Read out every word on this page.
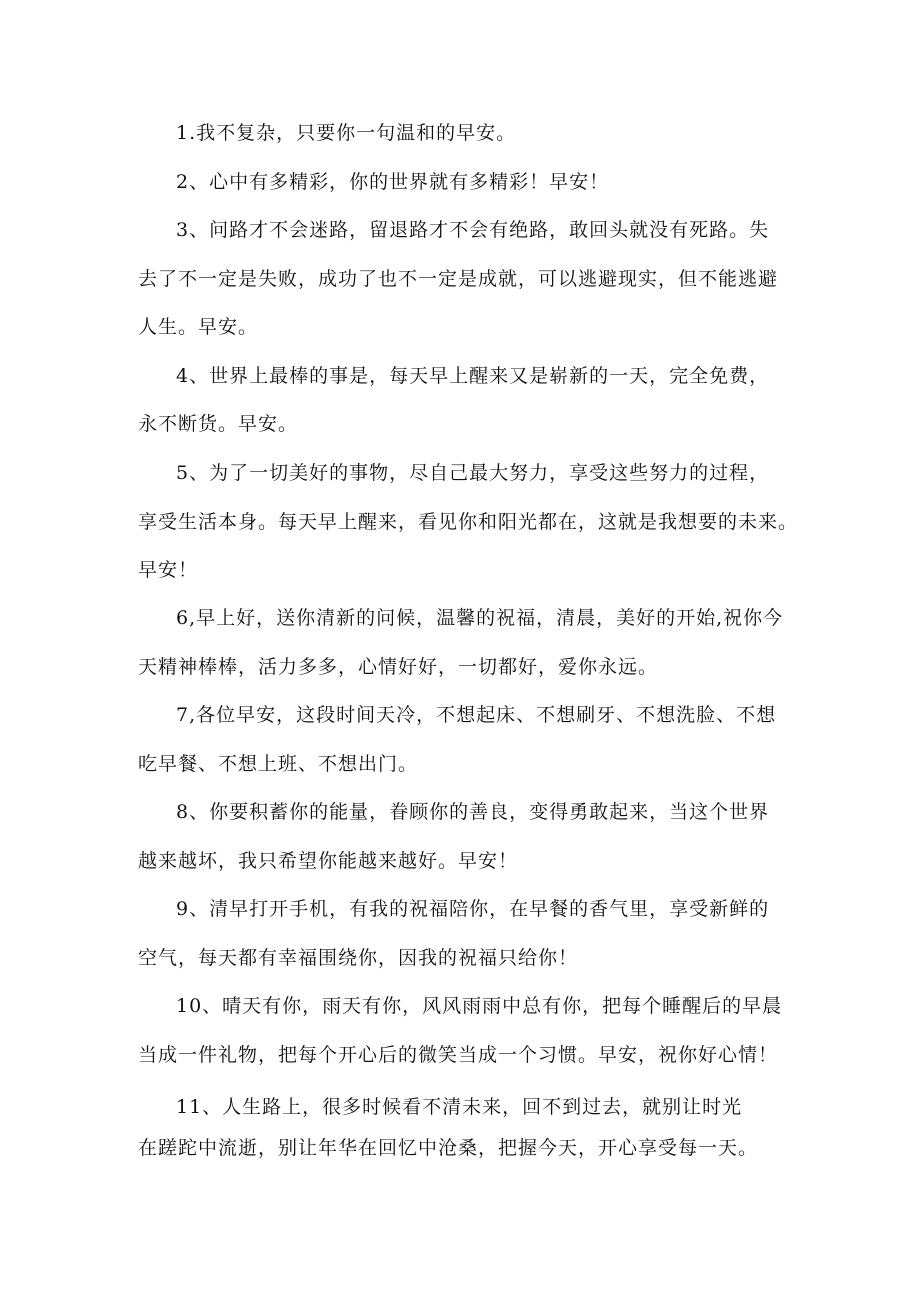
1.我不复杂，只要你一句温和的早安。
2、心中有多精彩，你的世界就有多精彩！早安！
3、问路才不会迷路，留退路才不会有绝路，敢回头就没有死路。失
去了不一定是失败，成功了也不一定是成就，可以逃避现实，但不能逃避
人生。早安。
4、世界上最棒的事是，每天早上醒来又是崭新的一天，完全免费，
永不断货。早安。
5、为了一切美好的事物，尽自己最大努力，享受这些努力的过程，
享受生活本身。每天早上醒来，看见你和阳光都在，这就是我想要的未来。
早安！
6,早上好，送你清新的问候，温馨的祝福，清晨，美好的开始,祝你今
天精神棒棒，活力多多，心情好好，一切都好，爱你永远。
7,各位早安，这段时间天冷，不想起床、不想刷牙、不想洗脸、不想
吃早餐、不想上班、不想出门。
8、你要积蓄你的能量，眷顾你的善良，变得勇敢起来，当这个世界
越来越坏，我只希望你能越来越好。早安！
9、清早打开手机，有我的祝福陪你，在早餐的香气里，享受新鲜的
空气，每天都有幸福围绕你，因我的祝福只给你！
10、晴天有你，雨天有你，风风雨雨中总有你，把每个睡醒后的早晨
当成一件礼物，把每个开心后的微笑当成一个习惯。早安，祝你好心情！
11、人生路上，很多时候看不清未来，回不到过去，就别让时光
在蹉跎中流逝，别让年华在回忆中沧桑，把握今天，开心享受每一天。
